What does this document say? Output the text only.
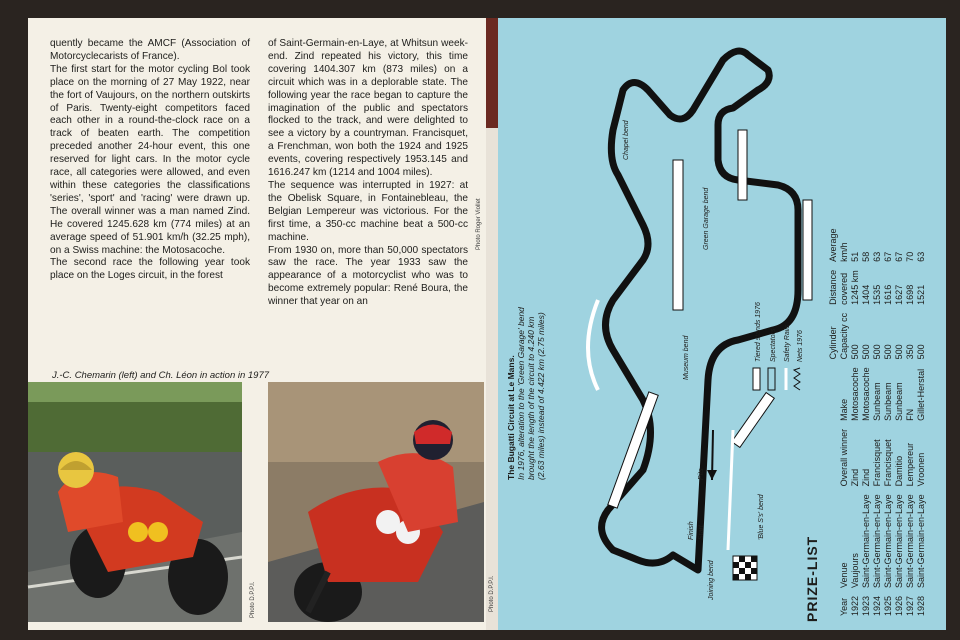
quently became the AMCF (Association of Motorcyclecarists of France).

The first start for the motor cycling Bol took place on the morning of 27 May 1922, near the fort of Vaujours, on the northern outskirts of Paris. Twenty-eight competitors faced each other in a round-the-clock race on a track of beaten earth. The competition preceded another 24-hour event, this one reserved for light cars. In the motor cycle race, all categories were allowed, and even within these categories the classifications 'series', 'sport' and 'racing' were drawn up. The overall winner was a man named Zind. He covered 1245.628 km (774 miles) at an average speed of 51.901 km/h (32.25 mph), on a Swiss machine: the Motosacoche.

The second race the following year took place on the Loges circuit, in the forest

of Saint-Germain-en-Laye, at Whitsun week-end. Zind repeated his victory, this time covering 1404.307 km (873 miles) on a circuit which was in a deplorable state. The following year the race began to capture the imagination of the public and spectators flocked to the track, and were delighted to see a victory by a countryman. Francisquet, a Frenchman, won both the 1924 and 1925 events, covering respectively 1953.145 and 1616.247 km (1214 and 1004 miles).

The sequence was interrupted in 1927: at the Obelisk Square, in Fontainebleau, the Belgian Lempereur was victorious. For the first time, a 350-cc machine beat a 500-cc machine.

From 1930 on, more than 50,000 spectators saw the race. The year 1933 saw the appearance of a motorcyclist who was to become extremely popular: René Boura, the winner that year on an

J.-C. Chemarin (left) and Ch. Léon in action in 1977
Photo D.P.P.I.
Photo Roger Viollet
Photo D.P.P.I.
The Bugatti Circuit at Le Mans. In 1976, alteration to the 'Green Garage' bend brought the length of the circuit to 4.240 km (2.63 miles) instead of 4.422 km (2.75 miles)
Chapel bend
Green Garage bend
Museum bend
'Blue S's' bend
Joining bend
Pits
Finish Start
Tiered stands 1976 Spectators Safety Rails Nets 1976
PRIZE-LIST Year	Venue	Overall winner	Make	Cylinder
Capacity cc	Distance
covered	Average
km/h
1922	Vaujours	Zind	Motosacoche	500	1245 km	51
1923	Saint-Germain-en-Laye	Zind	Motosacoche	500	1404	58
1924	Saint-Germain-en-Laye	Francisquet	Sunbeam	500	1535	63
1925	Saint-Germain-en-Laye	Francisquet	Sunbeam	500	1616	67
1926	Saint-Germain-en-Laye	Damitio	Sunbeam	500	1627	67
1927	Saint-Germain-en-Laye	Lempereur	FN	350	1698	70
1928	Saint-Germain-en-Laye	Vroonen	Gillet-Herstal	500	1521	63
